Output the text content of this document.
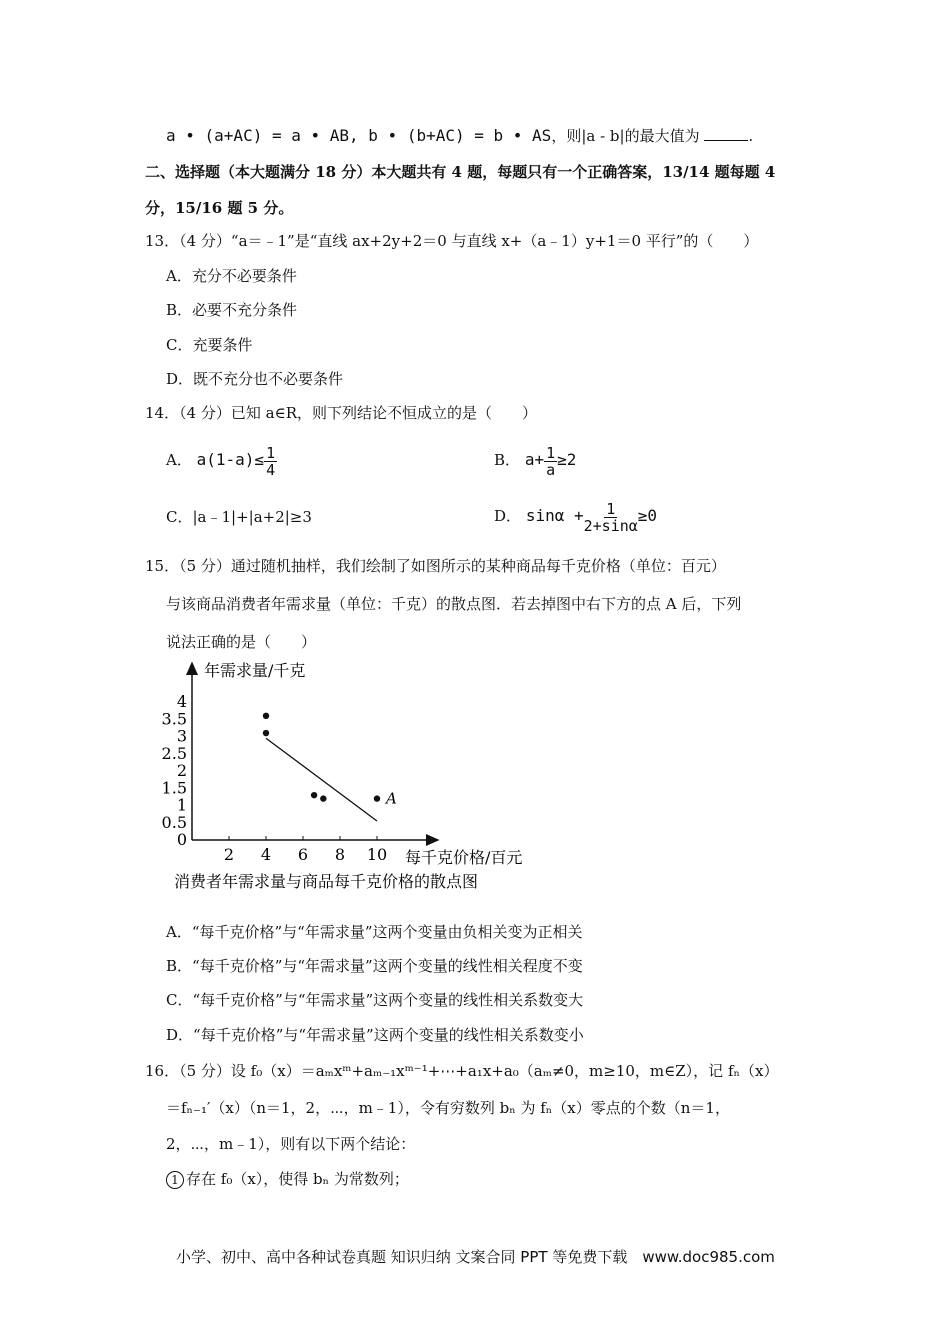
a • (a+AC) = a • AB, b • (b+AC) = b • AS，则|a - b|的最大值为	.
二、选择题（本大题满分 18 分）本大题共有 4 题，每题只有一个正确答案，13/14 题每题 4
分，15/16 题 5 分。
13．（4 分）“a＝﹣1”是“直线 ax+2y+2＝0 与直线 x+（a﹣1）y+1＝0 平行”的（　　）
A．充分不必要条件
B．必要不充分条件
C．充要条件
D．既不充分也不必要条件
14．（4 分）已知 a∈R，则下列结论不恒成立的是（　　）
A． $a(1-a)\le \frac{1}{4}$	B． $a+ \frac{1}{a} \ge 2$
C．|a﹣1|+|a+2|≥3	D． $\sin\alpha + \frac{1}{2+\sin\alpha} \ge 0$
15．（5 分）通过随机抽样，我们绘制了如图所示的某种商品每千克价格（单位：百元）
与该商品消费者年需求量（单位：千克）的散点图．若去掉图中右下方的点 A 后，下列
说法正确的是（　　）
年需求量/千克
每千克价格/百元
消费者年需求量与商品每千克价格的散点图
0
0.5
1
1.5
2
2.5
3
3.5
4
2 4 6 8 10
A
A．“每千克价格”与“年需求量”这两个变量由负相关变为正相关
B．“每千克价格”与“年需求量”这两个变量的线性相关程度不变
C．“每千克价格”与“年需求量”这两个变量的线性相关系数变大
D．“每千克价格”与“年需求量”这两个变量的线性相关系数变小
16．（5 分）设 f₀（x）＝aₘxᵐ+aₘ₋₁xᵐ⁻¹+⋯+a₁x+a₀（aₘ≠0，m≥10，m∈Z），记 fₙ（x）
＝fₙ₋₁′（x）（n＝1，2，⋯，m﹣1），令有穷数列 bₙ 为 fₙ（x）零点的个数（n＝1，
2，⋯，m﹣1），则有以下两个结论：
1 存在 f₀（x），使得 bₙ 为常数列；
小学、初中、高中各种试卷真题 知识归纳 文案合同 PPT 等免费下载　www.doc985.com
